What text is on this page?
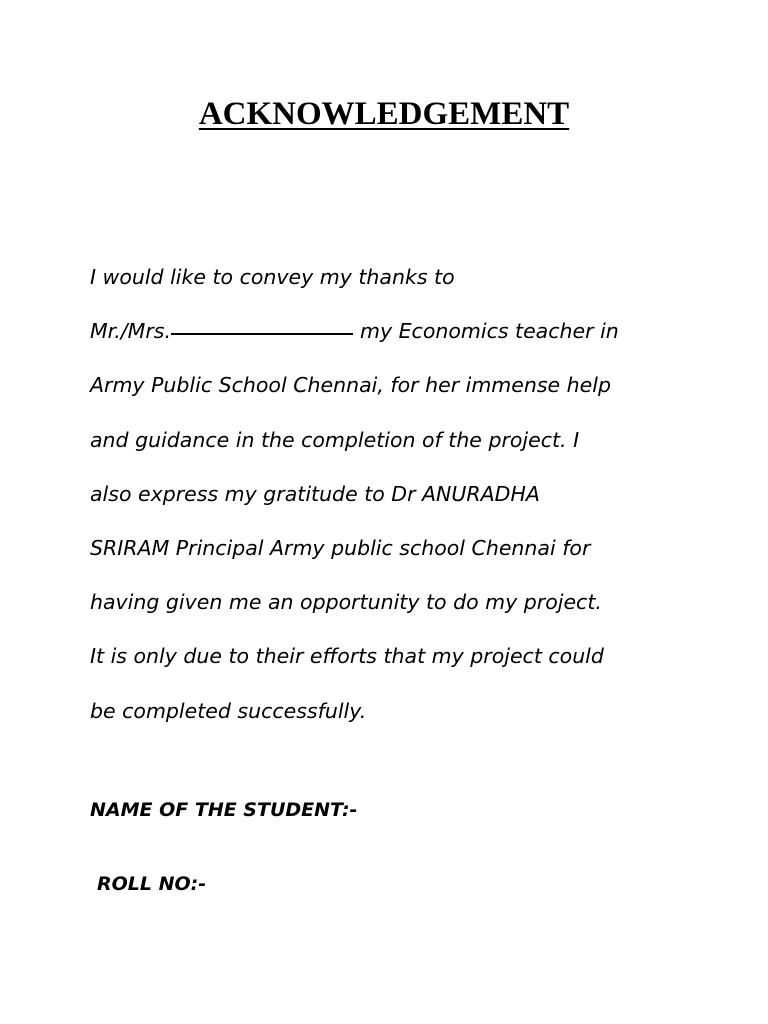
ACKNOWLEDGEMENT

I would like to convey my thanks to
Mr./Mrs.	my Economics teacher in
Army Public School Chennai, for her immense help
and guidance in the completion of the project. I
also express my gratitude to Dr ANURADHA
SRIRAM Principal Army public school Chennai for
having given me an opportunity to do my project.
It is only due to their efforts that my project could
be completed successfully.

NAME OF THE STUDENT:-

ROLL NO:-
